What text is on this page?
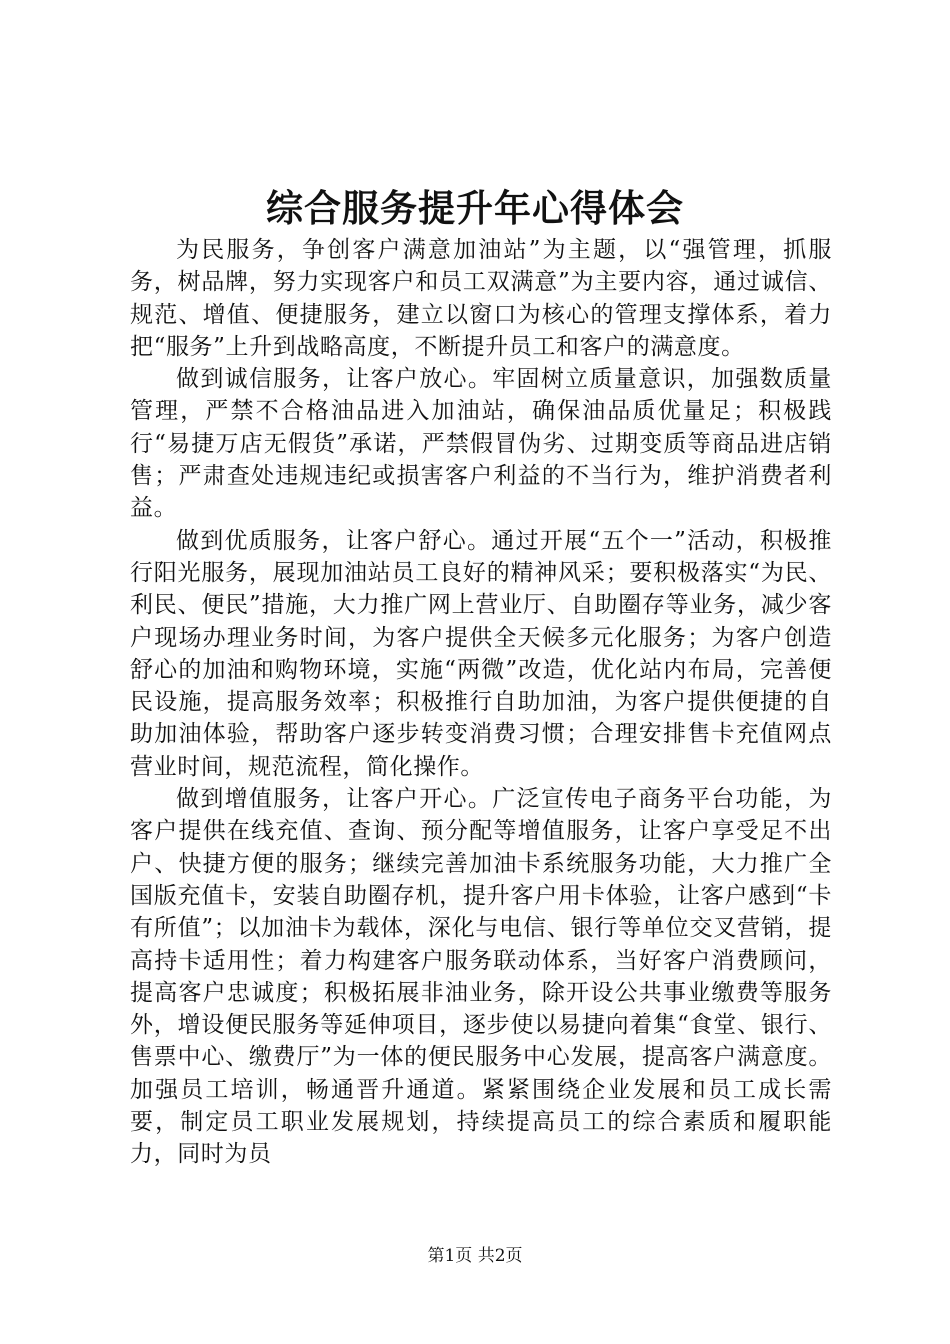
综合服务提升年心得体会

为民服务，争创客户满意加油站”为主题，以“强管理，抓服务，树品牌，努力实现客户和员工双满意”为主要内容，通过诚信、规范、增值、便捷服务，建立以窗口为核心的管理支撑体系，着力把“服务”上升到战略高度，不断提升员工和客户的满意度。

做到诚信服务，让客户放心。牢固树立质量意识，加强数质量管理，严禁不合格油品进入加油站，确保油品质优量足；积极践行“易捷万店无假货”承诺，严禁假冒伪劣、过期变质等商品进店销售；严肃查处违规违纪或损害客户利益的不当行为，维护消费者利益。

做到优质服务，让客户舒心。通过开展“五个一”活动，积极推行阳光服务，展现加油站员工良好的精神风采；要积极落实“为民、利民、便民”措施，大力推广网上营业厅、自助圈存等业务，减少客户现场办理业务时间，为客户提供全天候多元化服务；为客户创造舒心的加油和购物环境，实施“两微”改造，优化站内布局，完善便民设施，提高服务效率；积极推行自助加油，为客户提供便捷的自助加油体验，帮助客户逐步转变消费习惯；合理安排售卡充值网点营业时间，规范流程，简化操作。

做到增值服务，让客户开心。广泛宣传电子商务平台功能，为客户提供在线充值、查询、预分配等增值服务，让客户享受足不出户、快捷方便的服务；继续完善加油卡系统服务功能，大力推广全国版充值卡，安装自助圈存机，提升客户用卡体验，让客户感到“卡有所值”；以加油卡为载体，深化与电信、银行等单位交叉营销，提高持卡适用性；着力构建客户服务联动体系，当好客户消费顾问，提高客户忠诚度；积极拓展非油业务，除开设公共事业缴费等服务外，增设便民服务等延伸项目，逐步使以易捷向着集“食堂、银行、售票中心、缴费厅”为一体的便民服务中心发展，提高客户满意度。加强员工培训，畅通晋升通道。紧紧围绕企业发展和员工成长需要，制定员工职业发展规划，持续提高员工的综合素质和履职能力，同时为员

第1页 共2页
